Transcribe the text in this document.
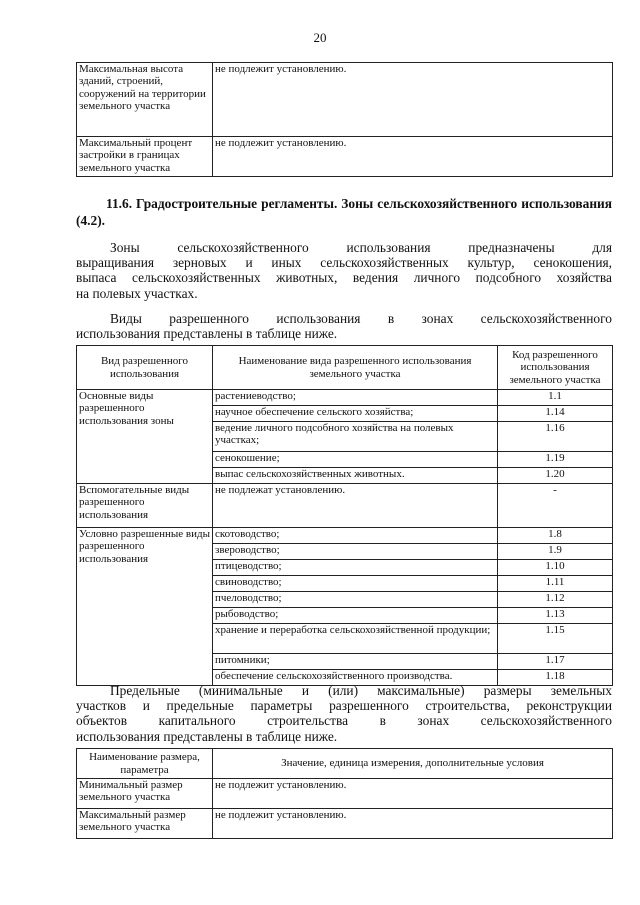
20
Максимальная высота зданий, строений, сооружений на территории земельного участка	не подлежит установлению.
Максимальный процент застройки в границах земельного участка	не подлежит установлению.
11.6. Градостроительные регламенты. Зоны сельскохозяйственного использования (4.2).
Зоны сельскохозяйственного использования предназначены для
выращивания зерновых и иных сельскохозяйственных культур, сенокошения,
выпаса сельскохозяйственных животных, ведения личного подсобного хозяйства
на полевых участках.
Виды разрешенного использования в зонах сельскохозяйственного
использования представлены в таблице ниже.
Вид разрешенного использования	Наименование вида разрешенного использования земельного участка	Код разрешенного использования земельного участка
Основные виды разрешенного использования зоны	растениеводство;	1.1
	научное обеспечение сельского хозяйства;	1.14
	ведение личного подсобного хозяйства на полевых участках;	1.16
	сенокошение;	1.19
	выпас сельскохозяйственных животных.	1.20
Вспомогательные виды разрешенного использования	не подлежат установлению.	-
Условно разрешенные виды разрешенного использования	скотоводство;	1.8
	звероводство;	1.9
	птицеводство;	1.10
	свиноводство;	1.11
	пчеловодство;	1.12
	рыбоводство;	1.13
	хранение и переработка сельскохозяйственной продукции;	1.15
	питомники;	1.17
	обеспечение сельскохозяйственного производства.	1.18
Предельные (минимальные и (или) максимальные) размеры земельных
участков и предельные параметры разрешенного строительства, реконструкции
объектов капитального строительства в зонах сельскохозяйственного
использования представлены в таблице ниже.
Наименование размера, параметра	Значение, единица измерения, дополнительные условия
Минимальный размер земельного участка	не подлежит установлению.
Максимальный размер земельного участка	не подлежит установлению.
